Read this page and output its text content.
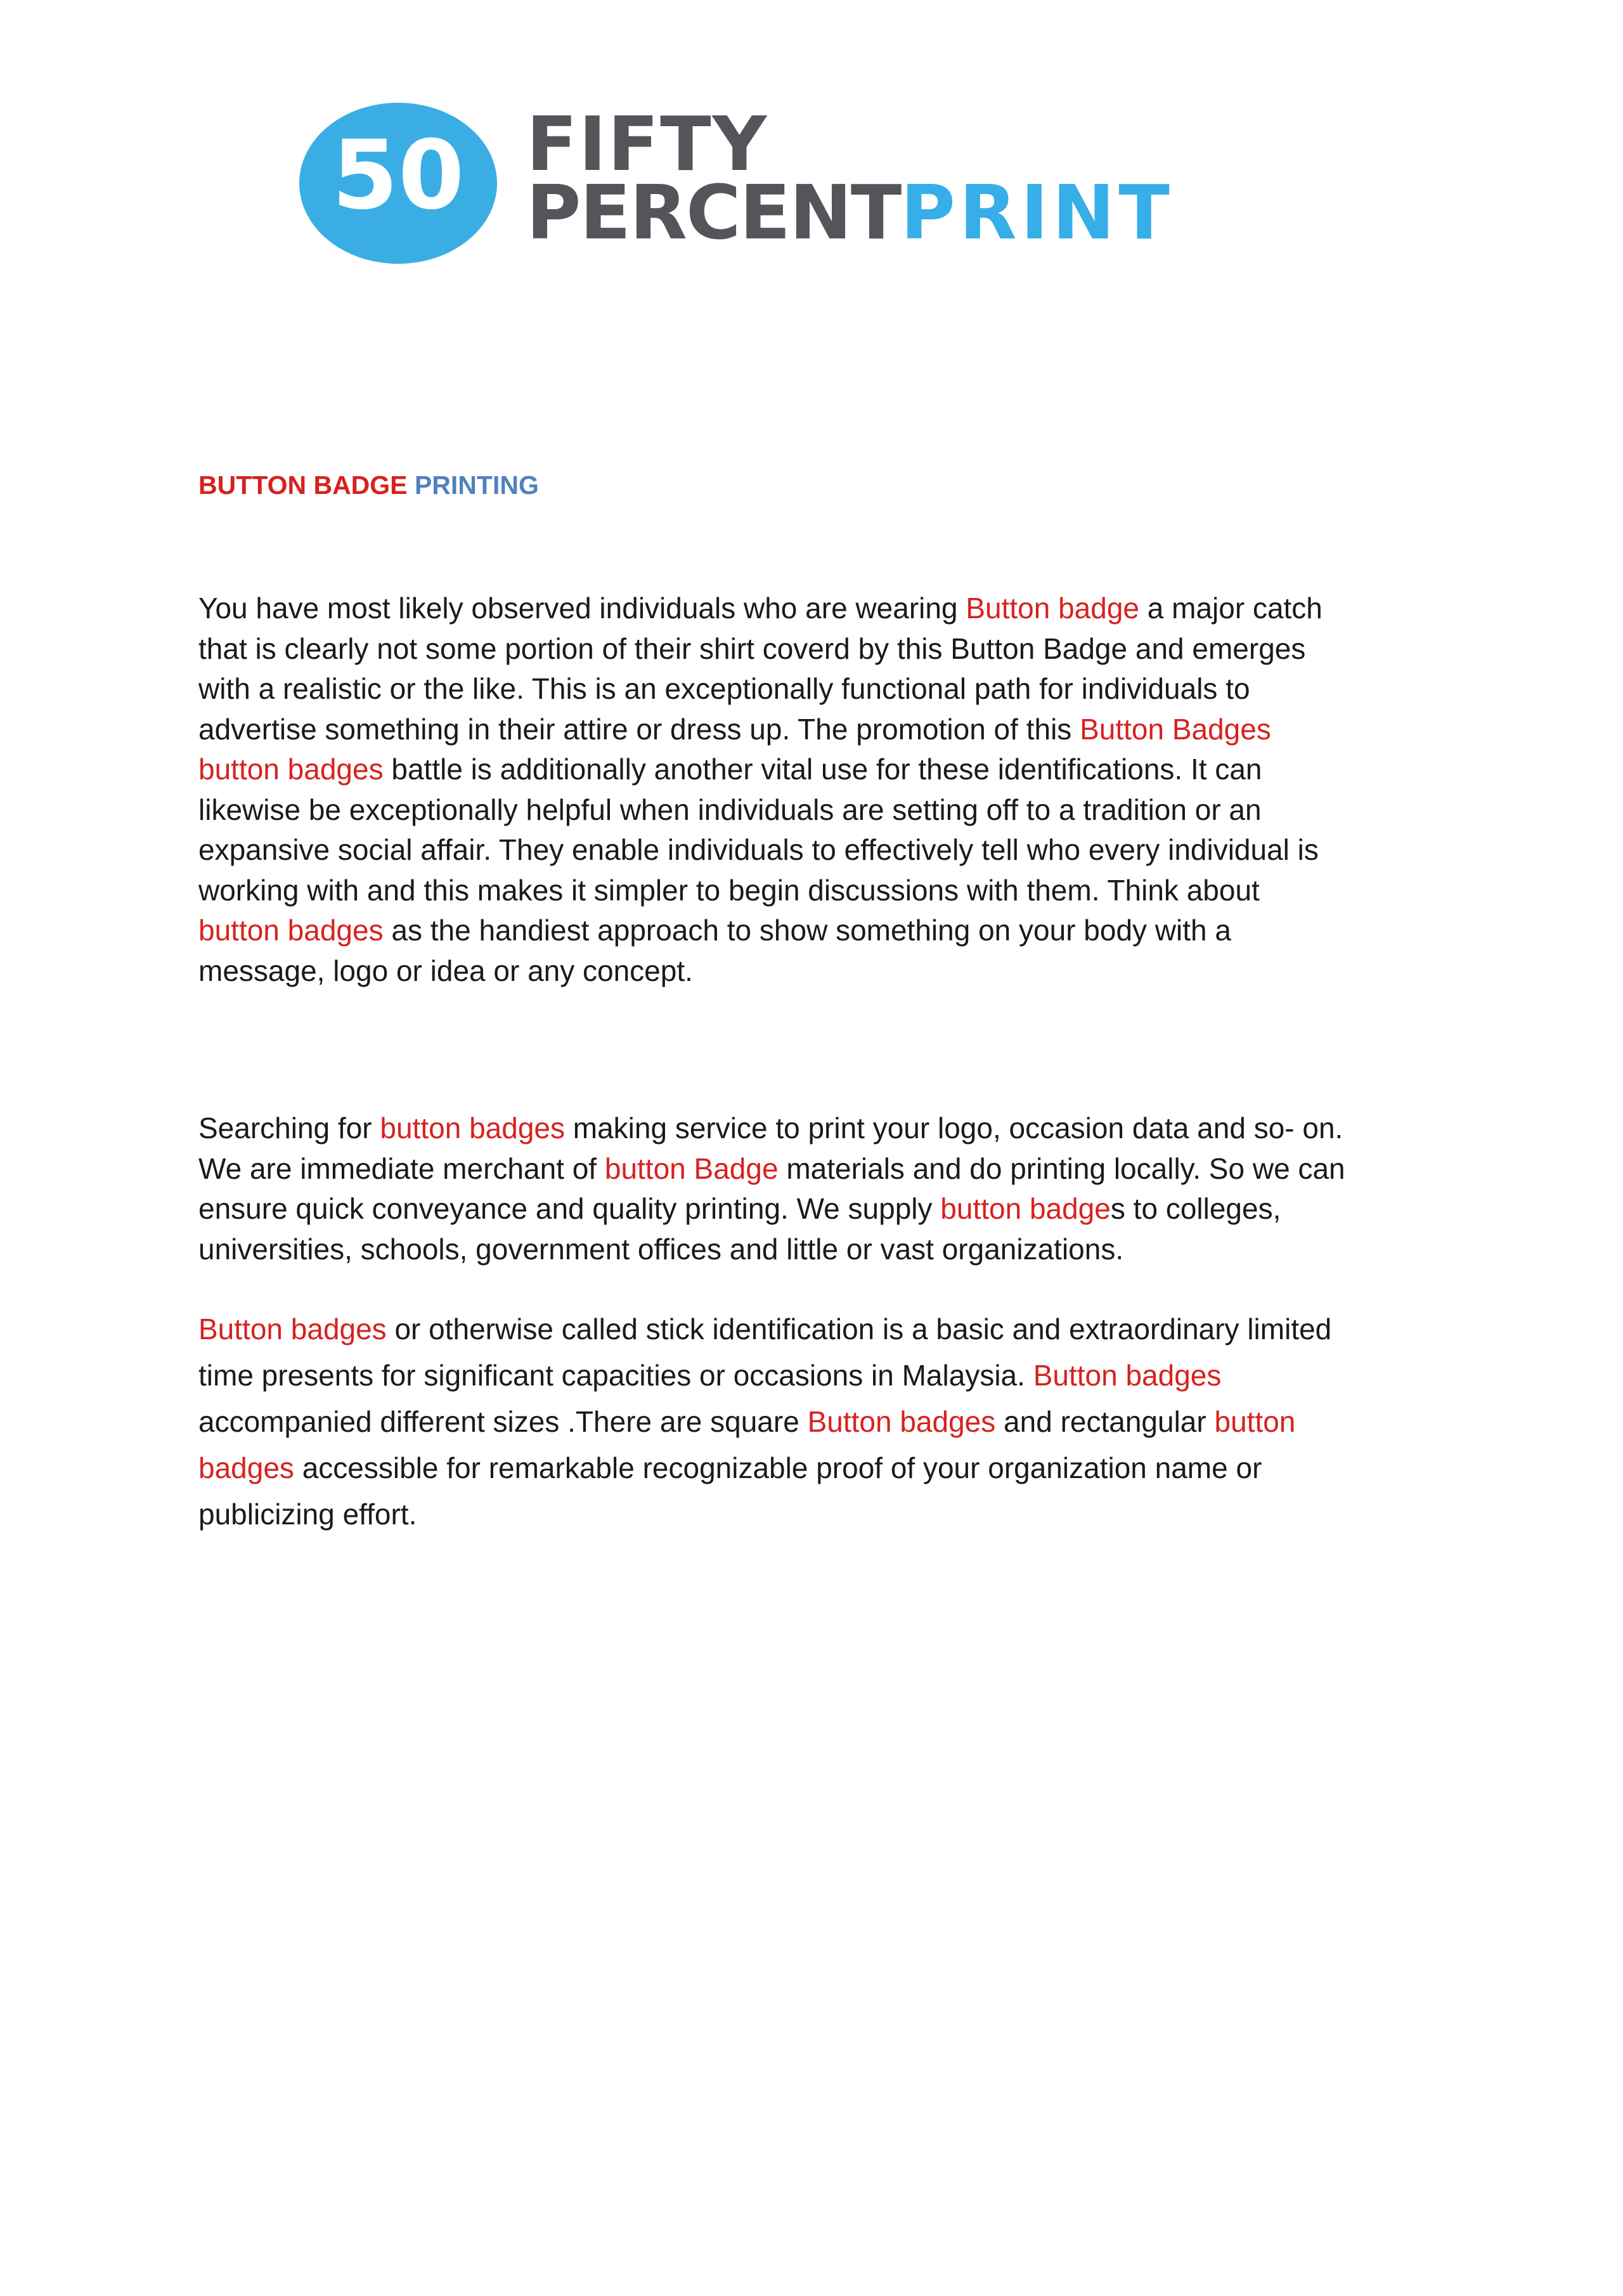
50 FIFTY
PERCENTPRINT
BUTTON BADGE PRINTING
You have most likely observed individuals who are wearing Button badge a major catch
that is clearly not some portion of their shirt coverd by this Button Badge and emerges
with a realistic or the like. This is an exceptionally functional path for individuals to
advertise something in their attire or dress up. The promotion of this Button Badges
button badges battle is additionally another vital use for these identifications. It can
likewise be exceptionally helpful when individuals are setting off to a tradition or an
expansive social affair. They enable individuals to effectively tell who every individual is
working with and this makes it simpler to begin discussions with them. Think about
button badges as the handiest approach to show something on your body with a
message, logo or idea or any concept.
Searching for button badges making service to print your logo, occasion data and so- on.
We are immediate merchant of button Badge materials and do printing locally. So we can
ensure quick conveyance and quality printing. We supply button badges to colleges,
universities, schools, government offices and little or vast organizations.
Button badges or otherwise called stick identification is a basic and extraordinary limited
time presents for significant capacities or occasions in Malaysia. Button badges
accompanied different sizes .There are square Button badges and rectangular button
badges accessible for remarkable recognizable proof of your organization name or
publicizing effort.
